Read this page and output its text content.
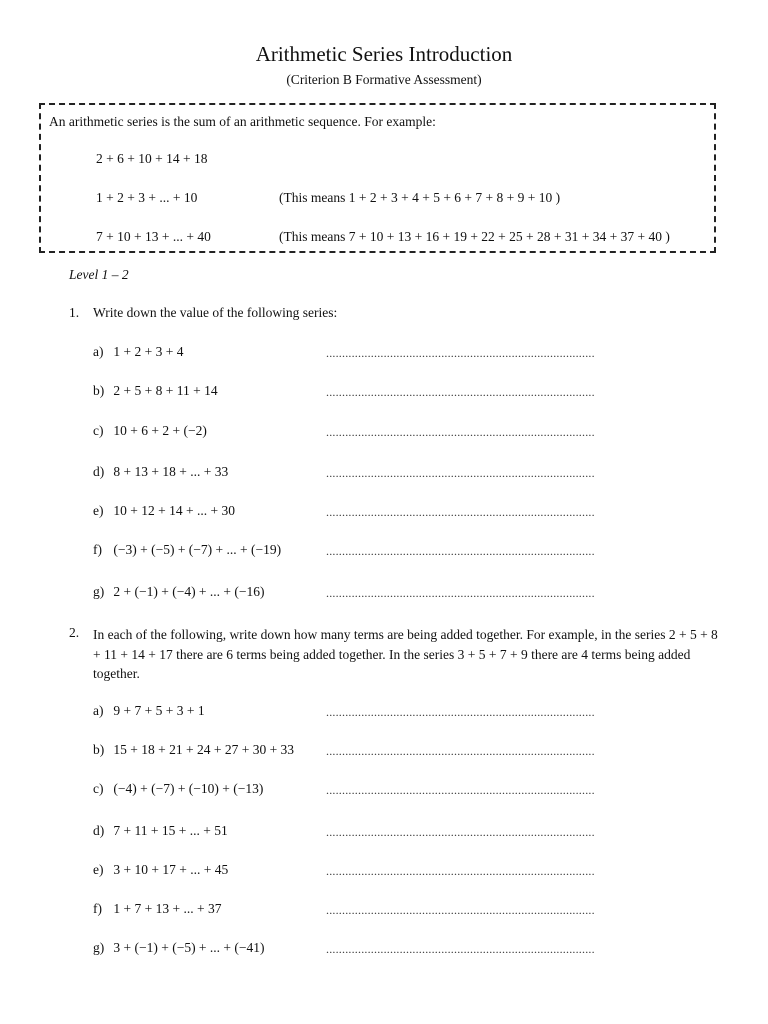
Arithmetic Series Introduction
(Criterion B Formative Assessment)
An arithmetic series is the sum of an arithmetic sequence. For example:
2 + 6 + 10 + 14 + 18
1 + 2 + 3 + ... + 10	(This means 1 + 2 + 3 + 4 + 5 + 6 + 7 + 8 + 9 + 10 )
7 + 10 + 13 + ... + 40	(This means 7 + 10 + 13 + 16 + 19 + 22 + 25 + 28 + 31 + 34 + 37 + 40 )
Level 1 – 2
1. Write down the value of the following series:
a) 1 + 2 + 3 + 4	....................................................................................
b) 2 + 5 + 8 + 11 + 14	....................................................................................
c) 10 + 6 + 2 + (−2)	....................................................................................
d) 8 + 13 + 18 + ... + 33	....................................................................................
e) 10 + 12 + 14 + ... + 30	....................................................................................
f) (−3) + (−5) + (−7) + ... + (−19)	....................................................................................
g) 2 + (−1) + (−4) + ... + (−16)	....................................................................................
2. In each of the following, write down how many terms are being added together. For example, in the series 2 + 5 + 8 + 11 + 14 + 17 there are 6 terms being added together. In the series 3 + 5 + 7 + 9 there are 4 terms being added together.
a) 9 + 7 + 5 + 3 + 1	....................................................................................
b) 15 + 18 + 21 + 24 + 27 + 30 + 33	....................................................................................
c) (−4) + (−7) + (−10) + (−13)	....................................................................................
d) 7 + 11 + 15 + ... + 51	....................................................................................
e) 3 + 10 + 17 + ... + 45	....................................................................................
f) 1 + 7 + 13 + ... + 37	....................................................................................
g) 3 + (−1) + (−5) + ... + (−41)	....................................................................................
